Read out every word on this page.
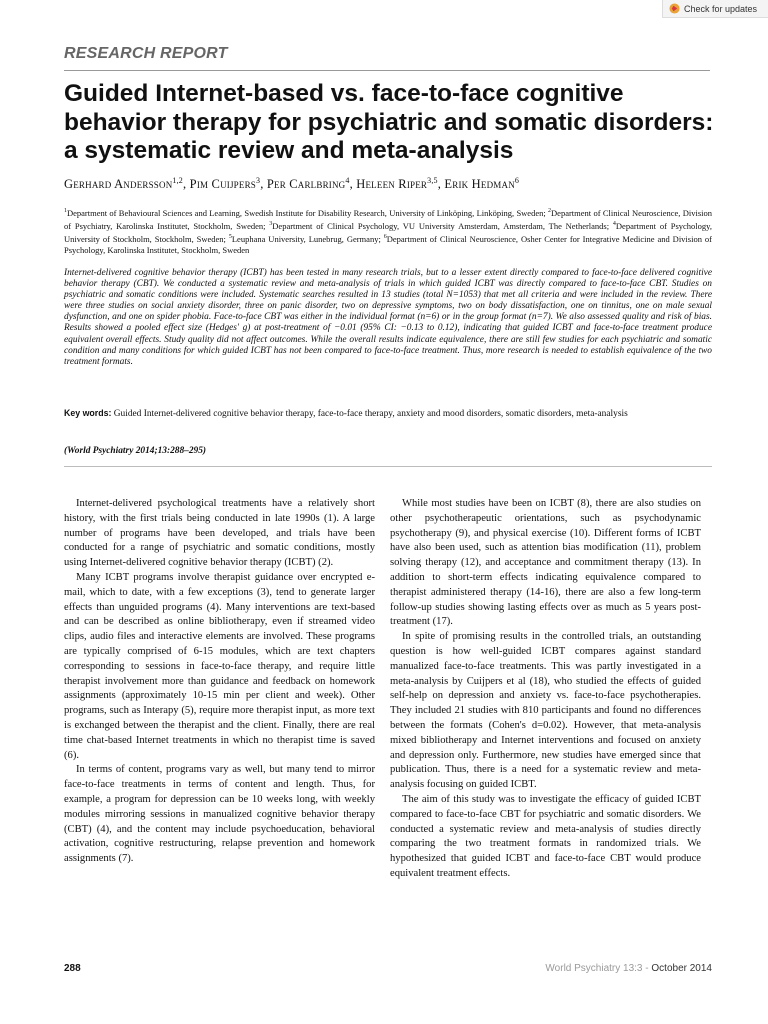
Check for updates
RESEARCH REPORT
Guided Internet-based vs. face-to-face cognitive behavior therapy for psychiatric and somatic disorders: a systematic review and meta-analysis
Gerhard Andersson$^{1,2}$, Pim Cuijpers$^3$, Per Carlbring$^4$, Heleen Riper$^{3,5}$, Erik Hedman$^6$
$^1$Department of Behavioural Sciences and Learning, Swedish Institute for Disability Research, University of Linköping, Linköping, Sweden; $^2$Department of Clinical Neuroscience, Division of Psychiatry, Karolinska Institutet, Stockholm, Sweden; $^3$Department of Clinical Psychology, VU University Amsterdam, Amsterdam, The Netherlands; $^4$Department of Psychology, University of Stockholm, Stockholm, Sweden; $^5$Leuphana University, Lunebrug, Germany; $^6$Department of Clinical Neuroscience, Osher Center for Integrative Medicine and Division of Psychology, Karolinska Institutet, Stockholm, Sweden
Internet-delivered cognitive behavior therapy (ICBT) has been tested in many research trials, but to a lesser extent directly compared to face-to-face delivered cognitive behavior therapy (CBT). We conducted a systematic review and meta-analysis of trials in which guided ICBT was directly compared to face-to-face CBT. Studies on psychiatric and somatic conditions were included. Systematic searches resulted in 13 studies (total N=1053) that met all criteria and were included in the review. There were three studies on social anxiety disorder, three on panic disorder, two on depressive symptoms, two on body dissatisfaction, one on tinnitus, one on male sexual dysfunction, and one on spider phobia. Face-to-face CBT was either in the individual format (n=6) or in the group format (n=7). We also assessed quality and risk of bias. Results showed a pooled effect size (Hedges' g) at post-treatment of −0.01 (95% CI: −0.13 to 0.12), indicating that guided ICBT and face-to-face treatment produce equivalent overall effects. Study quality did not affect outcomes. While the overall results indicate equivalence, there are still few studies for each psychiatric and somatic condition and many conditions for which guided ICBT has not been compared to face-to-face treatment. Thus, more research is needed to establish equivalence of the two treatment formats.
Key words: Guided Internet-delivered cognitive behavior therapy, face-to-face therapy, anxiety and mood disorders, somatic disorders, meta-analysis
(World Psychiatry 2014;13:288–295)

Internet-delivered psychological treatments have a relatively short history, with the first trials being conducted in late 1990s (1). A large number of programs have been developed, and trials have been conducted for a range of psychiatric and somatic conditions, mostly using Internet-delivered cognitive behavior therapy (ICBT) (2).

Many ICBT programs involve therapist guidance over encrypted e-mail, which to date, with a few exceptions (3), tend to generate larger effects than unguided programs (4). Many interventions are text-based and can be described as online bibliotherapy, even if streamed video clips, audio files and interactive elements are involved. These programs are typically comprised of 6-15 modules, which are text chapters corresponding to sessions in face-to-face therapy, and require little therapist involvement more than guidance and feedback on homework assignments (approximately 10-15 min per client and week). Other programs, such as Interapy (5), require more therapist input, as more text is exchanged between the therapist and the client. Finally, there are real time chat-based Internet treatments in which no therapist time is saved (6).

In terms of content, programs vary as well, but many tend to mirror face-to-face treatments in terms of content and length. Thus, for example, a program for depression can be 10 weeks long, with weekly modules mirroring sessions in manualized cognitive behavior therapy (CBT) (4), and the content may include psychoeducation, behavioral activation, cognitive restructuring, relapse prevention and homework assignments (7).

While most studies have been on ICBT (8), there are also studies on other psychotherapeutic orientations, such as psychodynamic psychotherapy (9), and physical exercise (10). Different forms of ICBT have also been used, such as attention bias modification (11), problem solving therapy (12), and acceptance and commitment therapy (13). In addition to short-term effects indicating equivalence compared to therapist administered therapy (14-16), there are also a few long-term follow-up studies showing lasting effects over as much as 5 years post-treatment (17).

In spite of promising results in the controlled trials, an outstanding question is how well-guided ICBT compares against standard manualized face-to-face treatments. This was partly investigated in a meta-analysis by Cuijpers et al (18), who studied the effects of guided self-help on depression and anxiety vs. face-to-face psychotherapies. They included 21 studies with 810 participants and found no differences between the formats (Cohen's d=0.02). However, that meta-analysis mixed bibliotherapy and Internet interventions and focused on anxiety and depression only. Furthermore, new studies have emerged since that publication. Thus, there is a need for a systematic review and meta-analysis focusing on guided ICBT.

The aim of this study was to investigate the efficacy of guided ICBT compared to face-to-face CBT for psychiatric and somatic disorders. We conducted a systematic review and meta-analysis of studies directly comparing the two treatment formats in randomized trials. We hypothesized that guided ICBT and face-to-face CBT would produce equivalent treatment effects.

288	World Psychiatry 13:3 - October 2014
